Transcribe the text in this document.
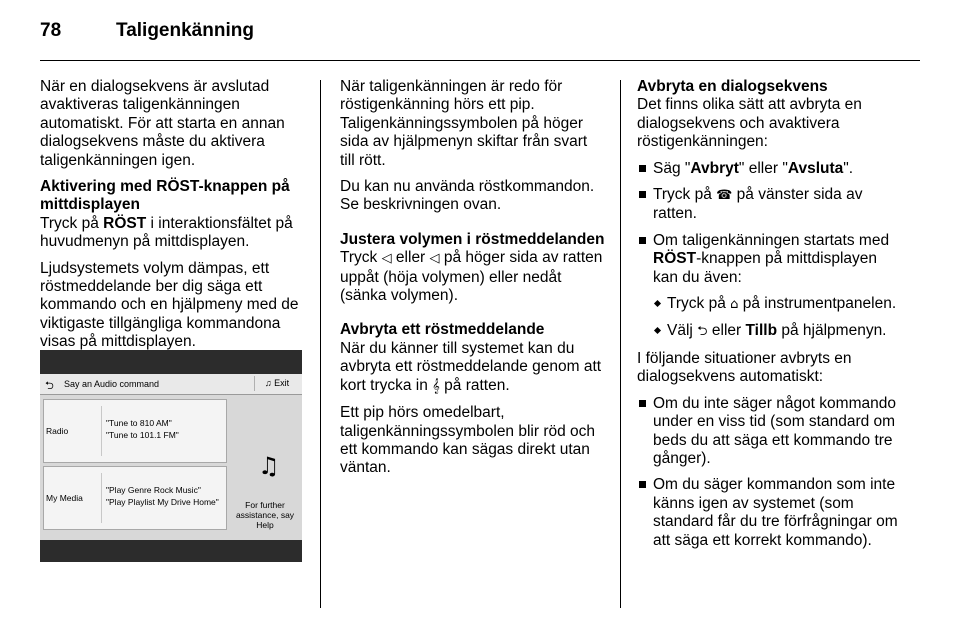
78	Taligenkänning

När en dialogsekvens är avslutad avaktiveras taligenkänningen automatiskt. För att starta en annan dialogsekvens måste du aktivera taligenkänningen igen.

Aktivering med RÖST-knappen på mittdisplayen

Tryck på RÖST i interaktionsfältet på huvudmenyn på mittdisplayen.

Ljudsystemets volym dämpas, ett röstmeddelande ber dig säga ett kommando och en hjälpmeny med de viktigaste tillgängliga kommandona visas på mittdisplayen.

⮌ Say an Audio command	♫ Exit
Radio
"Tune to 810 AM"
"Tune to 101.1 FM"
My Media
"Play Genre Rock Music"
"Play Playlist My Drive Home"
♫
For further
assistance, say
Help

När taligenkänningen är redo för röstigenkänning hörs ett pip. Taligenkänningssymbolen på höger sida av hjälpmenyn skiftar från svart till rött.

Du kan nu använda röstkommandon. Se beskrivningen ovan.

Justera volymen i röstmeddelanden

Tryck ◁ eller ◁ på höger sida av ratten uppåt (höja volymen) eller nedåt (sänka volymen).

Avbryta ett röstmeddelande

När du känner till systemet kan du avbryta ett röstmeddelande genom att kort trycka in 𝄞 på ratten.

Ett pip hörs omedelbart, taligenkänningssymbolen blir röd och ett kommando kan sägas direkt utan väntan.

Avbryta en dialogsekvens

Det finns olika sätt att avbryta en dialogsekvens och avaktivera röstigenkänningen:

Säg "Avbryt" eller "Avsluta".
Tryck på ☎ på vänster sida av ratten.
Om taligenkänningen startats med RÖST-knappen på mittdisplayen kan du även:
Tryck på ⌂ på instrumentpanelen.
Välj ⮌ eller Tillb på hjälpmenyn.

I följande situationer avbryts en dialogsekvens automatiskt:

Om du inte säger något kommando under en viss tid (som standard om beds du att säga ett kommando tre gånger).
Om du säger kommandon som inte känns igen av systemet (som standard får du tre förfrågningar om att säga ett korrekt kommando).
